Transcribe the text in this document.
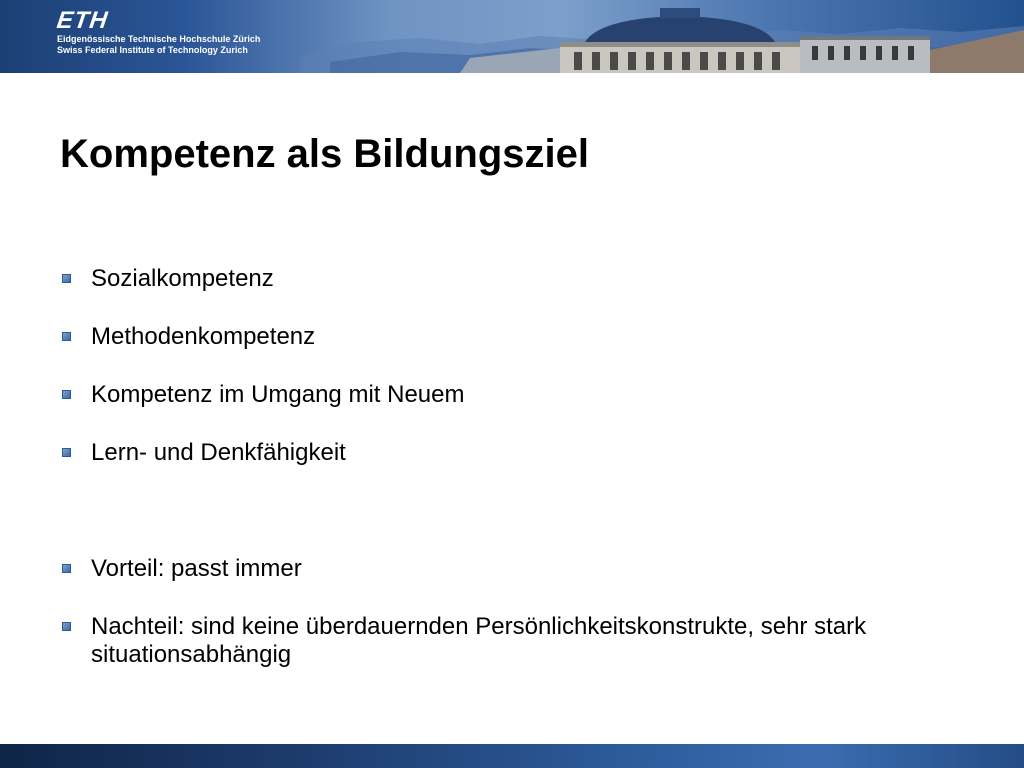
ETH
Eidgenössische Technische Hochschule Zürich
Swiss Federal Institute of Technology Zurich
Kompetenz als Bildungsziel
Sozialkompetenz
Methodenkompetenz
Kompetenz im Umgang mit Neuem
Lern- und Denkfähigkeit
Vorteil: passt immer
Nachteil: sind keine überdauernden Persönlichkeitskonstrukte, sehr stark situationsabhängig
